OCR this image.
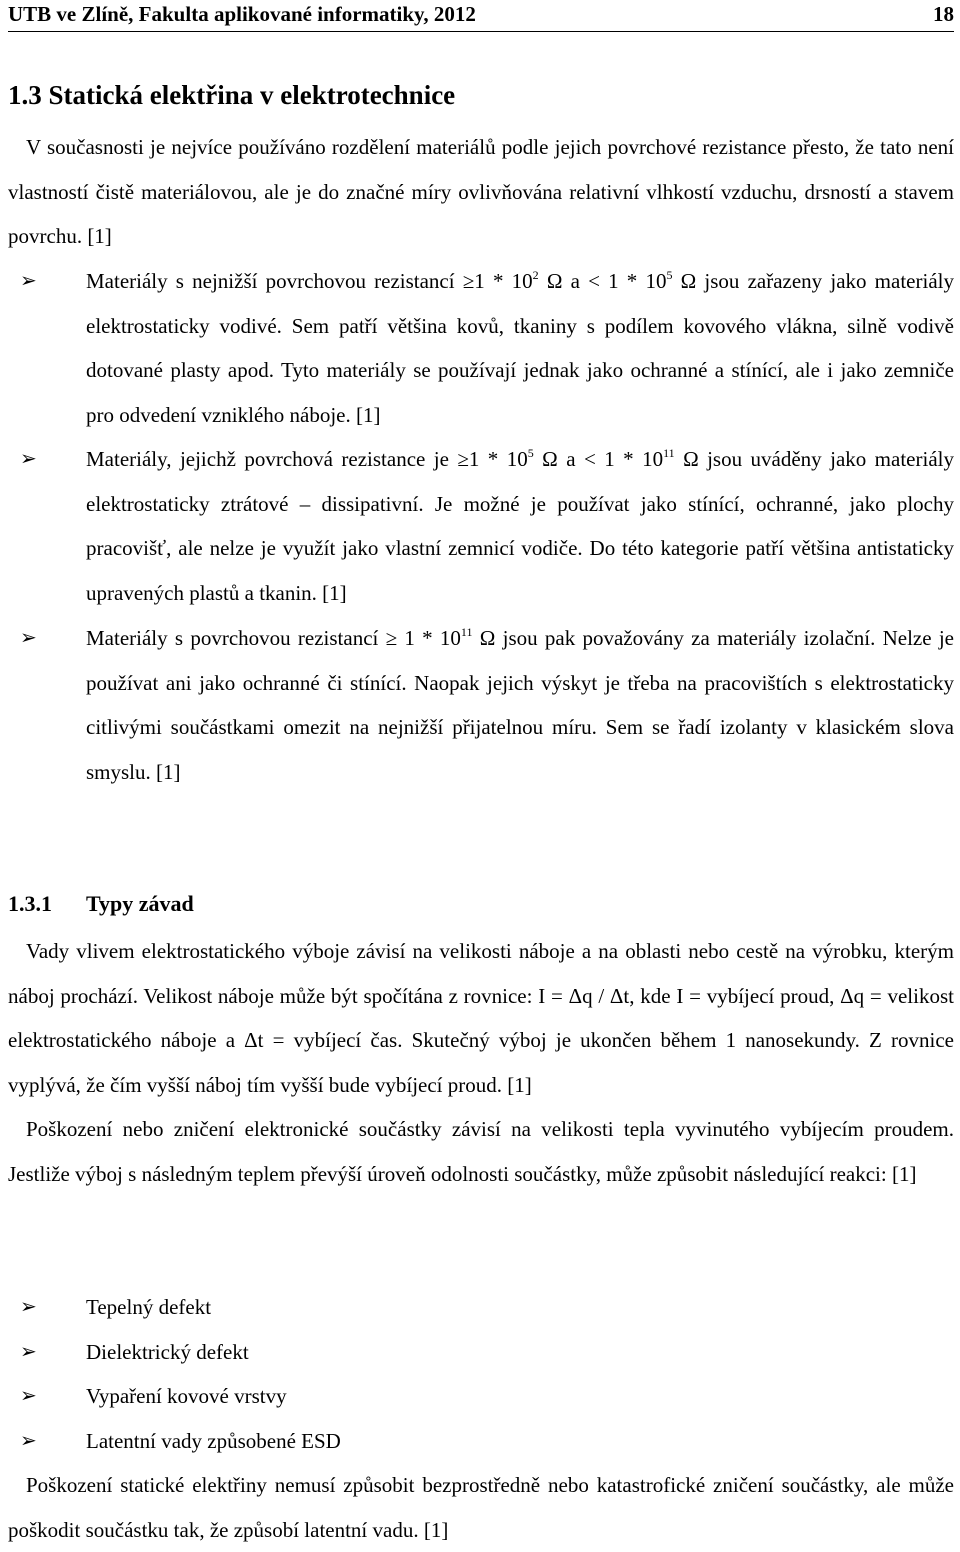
UTB ve Zlíně, Fakulta aplikované informatiky, 2012	18
1.3 Statická elektřina v elektrotechnice

V současnosti je nejvíce používáno rozdělení materiálů podle jejich povrchové rezistance přesto, že tato není vlastností čistě materiálovou, ale je do značné míry ovlivňována relativní vlhkostí vzduchu, drsností a stavem povrchu. [1]

➢ Materiály s nejnižší povrchovou rezistancí $\ge 1 * 10^2$ Ω $a < 1 * 10^5$ Ω jsou zařazeny jako materiály elektrostaticky vodivé. Sem patří většina kovů, tkaniny s podílem kovového vlákna, silně vodivě dotované plasty apod. Tyto materiály se používají jednak jako ochranné a stínící, ale i jako zemniče pro odvedení vzniklého náboje. [1]
➢ Materiály, jejichž povrchová rezistance je $\ge 1 * 10^5$ Ω $a < 1 * 10^{11}$ Ω jsou uváděny jako materiály elektrostaticky ztrátové – dissipativní. Je možné je používat jako stínící, ochranné, jako plochy pracovišť, ale nelze je využít jako vlastní zemnicí vodiče. Do této kategorie patří většina antistaticky upravených plastů a tkanin. [1]
➢ Materiály s povrchovou rezistancí ≥ $1 * 10^{11}$ Ω jsou pak považovány za materiály izolační. Nelze je používat ani jako ochranné či stínící. Naopak jejich výskyt je třeba na pracovištích s elektrostaticky citlivými součástkami omezit na nejnižší přijatelnou míru. Sem se řadí izolanty v klasickém slova smyslu. [1]
1.3.1 Typy závad

Vady vlivem elektrostatického výboje závisí na velikosti náboje a na oblasti nebo cestě na výrobku, kterým náboj prochází. Velikost náboje může být spočítána z rovnice: I = Δq / Δt, kde I = vybíjecí proud, Δq = velikost elektrostatického náboje a Δt = vybíjecí čas. Skutečný výboj je ukončen během 1 nanosekundy. Z rovnice vyplývá, že čím vyšší náboj tím vyšší bude vybíjecí proud. [1]

Poškození nebo zničení elektronické součástky závisí na velikosti tepla vyvinutého vybíjecím proudem. Jestliže výboj s následným teplem převýší úroveň odolnosti součástky, může způsobit následující reakci: [1]

➢ Tepelný defekt
➢ Dielektrický defekt
➢ Vypaření kovové vrstvy
➢ Latentní vady způsobené ESD

Poškození statické elektřiny nemusí způsobit bezprostředně nebo katastrofické zničení součástky, ale může poškodit součástku tak, že způsobí latentní vadu. [1]
